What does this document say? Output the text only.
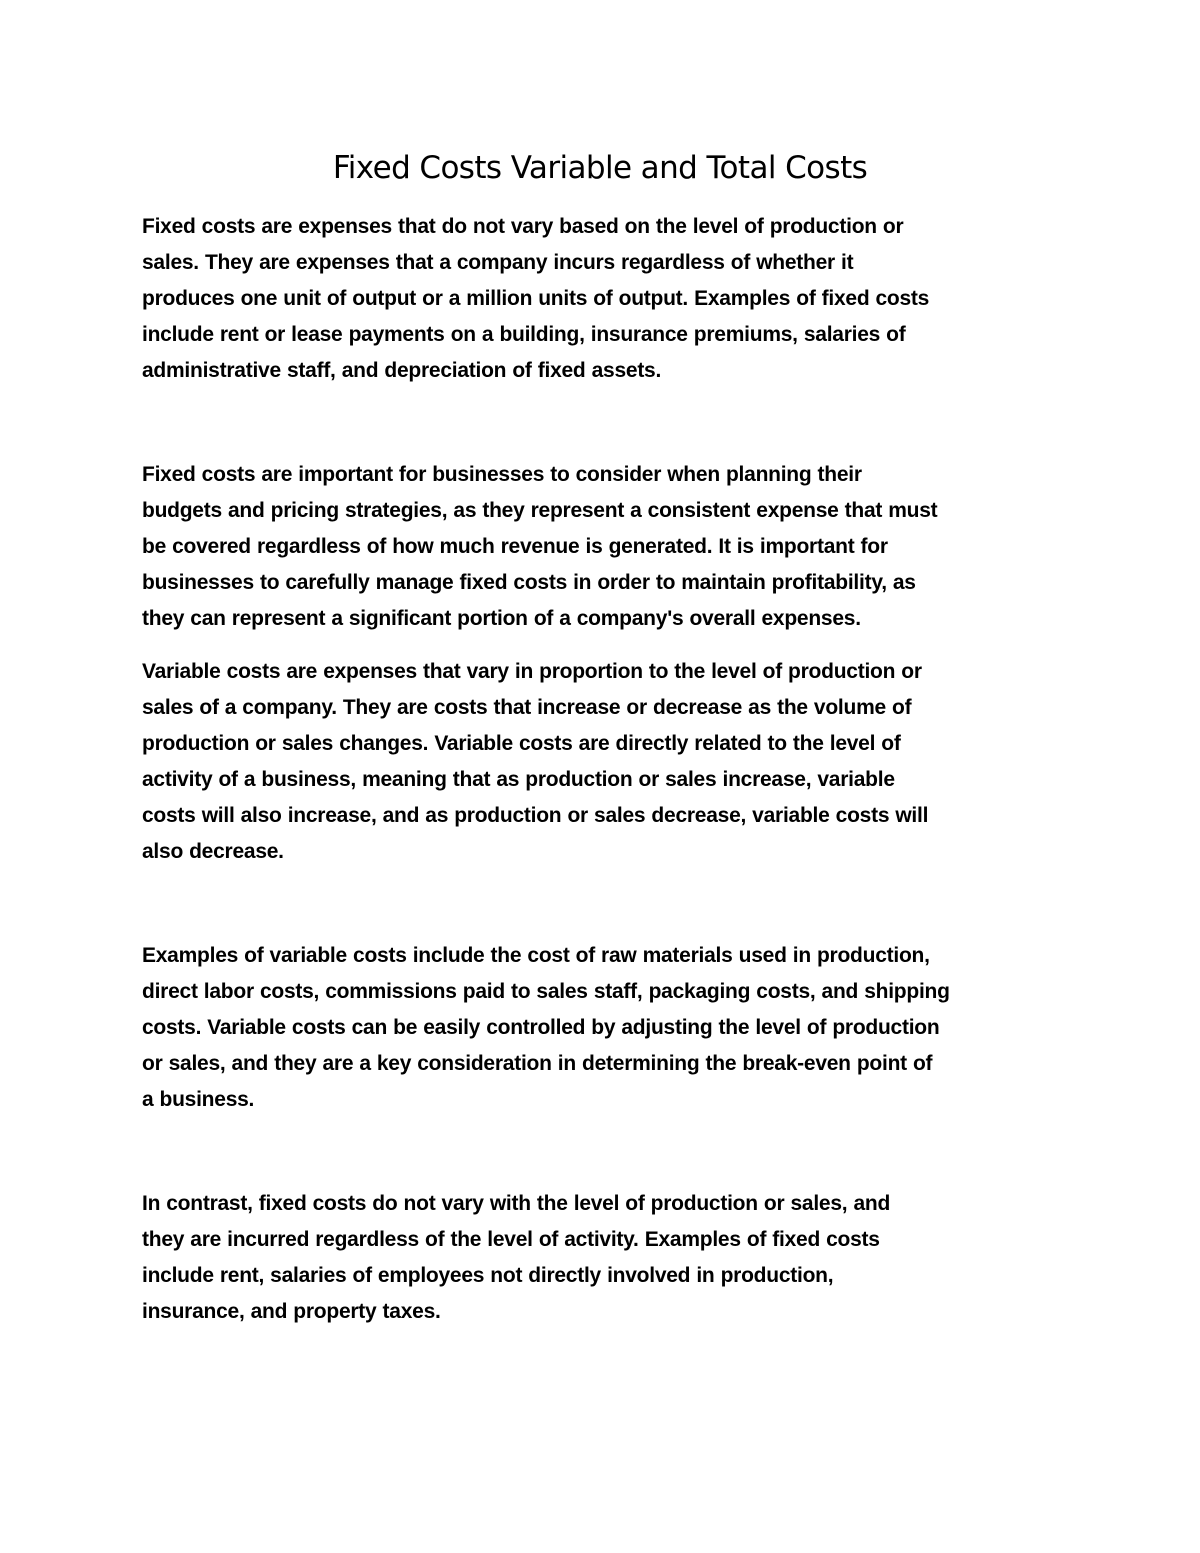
Fixed Costs Variable and Total Costs

Fixed costs are expenses that do not vary based on the level of production or
sales. They are expenses that a company incurs regardless of whether it
produces one unit of output or a million units of output. Examples of fixed costs
include rent or lease payments on a building, insurance premiums, salaries of
administrative staff, and depreciation of fixed assets.

Fixed costs are important for businesses to consider when planning their
budgets and pricing strategies, as they represent a consistent expense that must
be covered regardless of how much revenue is generated. It is important for
businesses to carefully manage fixed costs in order to maintain profitability, as
they can represent a significant portion of a company's overall expenses.

Variable costs are expenses that vary in proportion to the level of production or
sales of a company. They are costs that increase or decrease as the volume of
production or sales changes. Variable costs are directly related to the level of
activity of a business, meaning that as production or sales increase, variable
costs will also increase, and as production or sales decrease, variable costs will
also decrease.

Examples of variable costs include the cost of raw materials used in production,
direct labor costs, commissions paid to sales staff, packaging costs, and shipping
costs. Variable costs can be easily controlled by adjusting the level of production
or sales, and they are a key consideration in determining the break-even point of
a business.

In contrast, fixed costs do not vary with the level of production or sales, and
they are incurred regardless of the level of activity. Examples of fixed costs
include rent, salaries of employees not directly involved in production,
insurance, and property taxes.
